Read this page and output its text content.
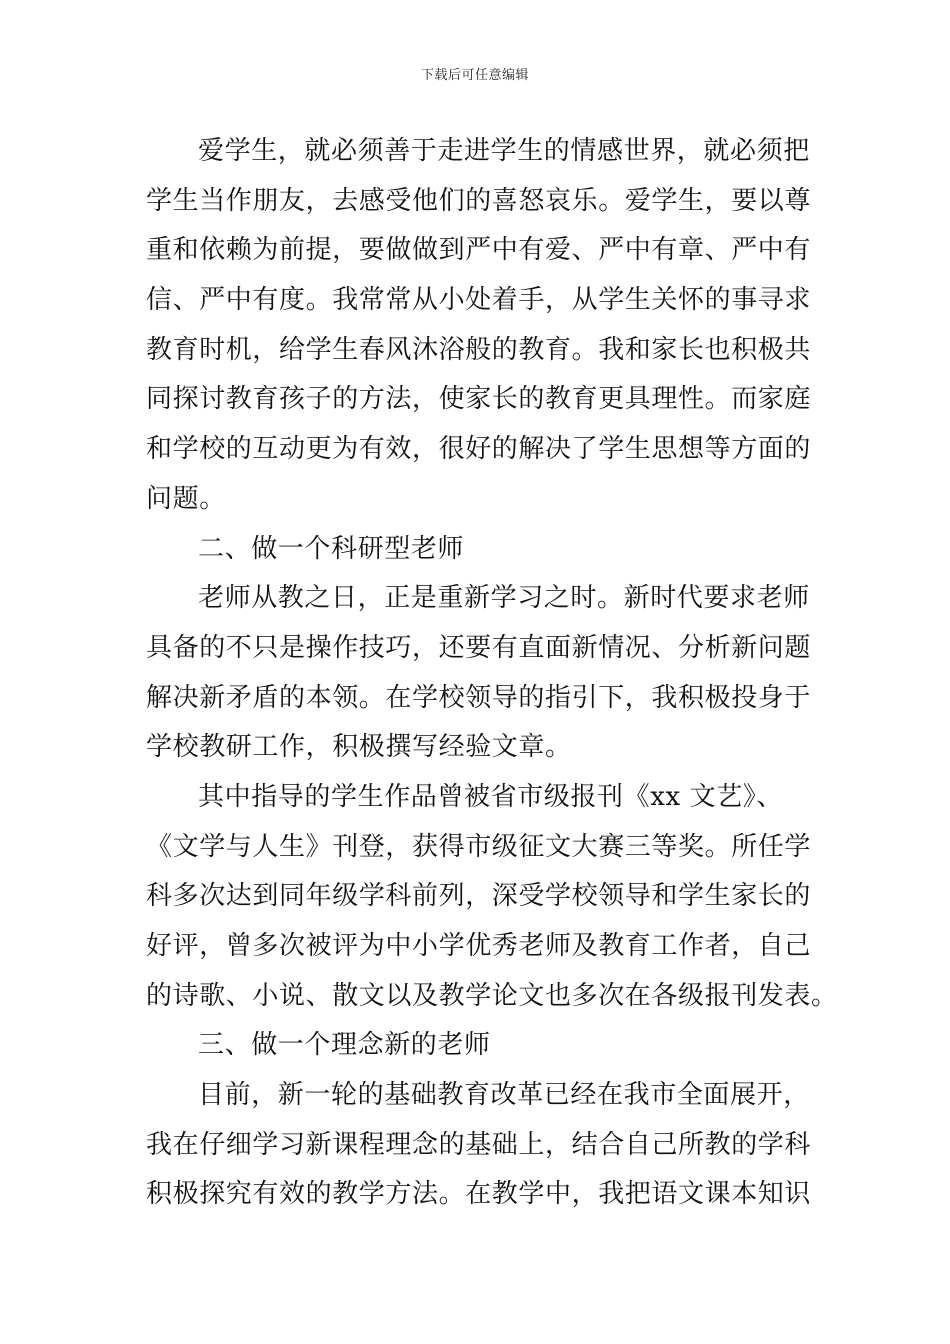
下载后可任意编辑
爱学生，就必须善于走进学生的情感世界，就必须把
学生当作朋友，去感受他们的喜怒哀乐。爱学生，要以尊
重和依赖为前提，要做做到严中有爱、严中有章、严中有
信、严中有度。我常常从小处着手，从学生关怀的事寻求
教育时机，给学生春风沐浴般的教育。我和家长也积极共
同探讨教育孩子的方法，使家长的教育更具理性。而家庭
和学校的互动更为有效，很好的解决了学生思想等方面的
问题。
二、做一个科研型老师
老师从教之日，正是重新学习之时。新时代要求老师
具备的不只是操作技巧，还要有直面新情况、分析新问题
解决新矛盾的本领。在学校领导的指引下，我积极投身于
学校教研工作，积极撰写经验文章。
其中指导的学生作品曾被省市级报刊《xx 文艺》、
《文学与人生》刊登，获得市级征文大赛三等奖。所任学
科多次达到同年级学科前列，深受学校领导和学生家长的
好评，曾多次被评为中小学优秀老师及教育工作者，自己
的诗歌、小说、散文以及教学论文也多次在各级报刊发表。
三、做一个理念新的老师
目前，新一轮的基础教育改革已经在我市全面展开，
我在仔细学习新课程理念的基础上，结合自己所教的学科
积极探究有效的教学方法。在教学中，我把语文课本知识
